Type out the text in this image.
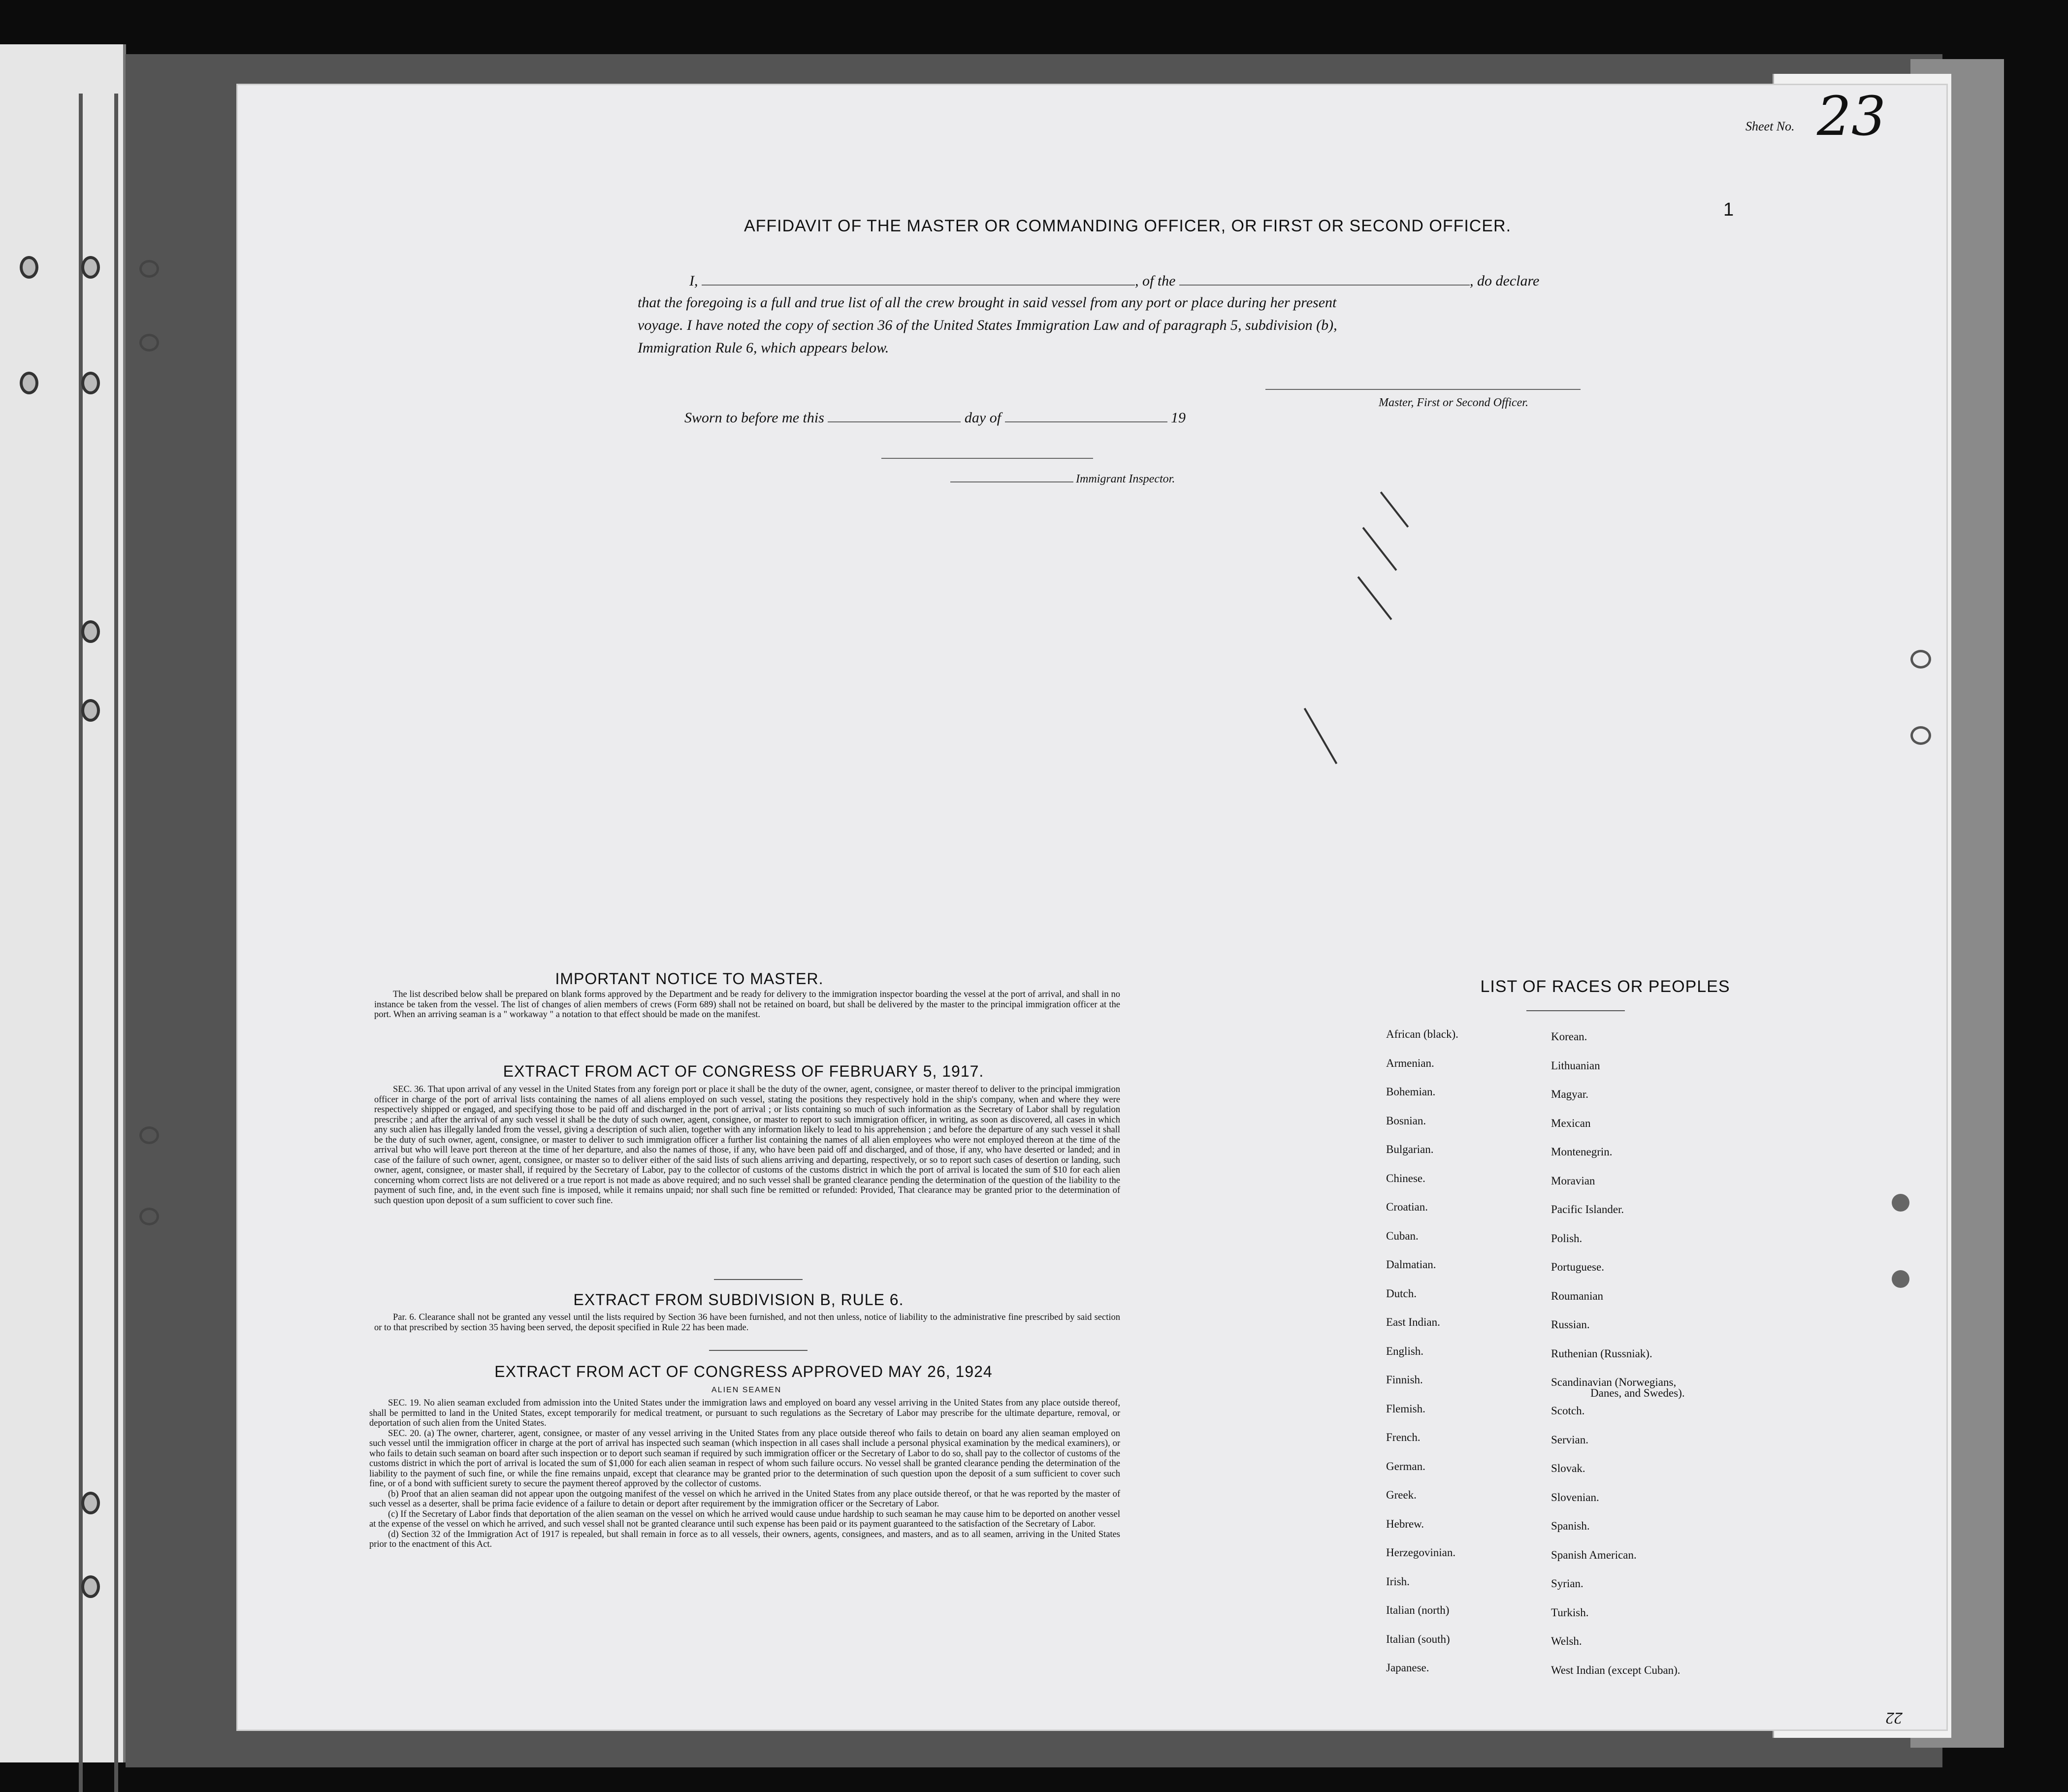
Sheet No. 23
1
AFFIDAVIT OF THE MASTER OR COMMANDING OFFICER, OR FIRST OR SECOND OFFICER.
I,	, of the	, do declare
that the foregoing is a full and true list of all the crew brought in said vessel from any port or place during her present
voyage. I have noted the copy of section 36 of the United States Immigration Law and of paragraph 5, subdivision (b),
Immigration Rule 6, which appears below.
Master, First or Second Officer.
Sworn to before me this	day of	19
Immigrant Inspector.
IMPORTANT NOTICE TO MASTER.

The list described below shall be prepared on blank forms approved by the Department and be ready for delivery to the immigration inspector boarding the vessel at the port of arrival, and shall in no instance be taken from the vessel. The list of changes of alien members of crews (Form 689) shall not be retained on board, but shall be delivered by the master to the principal immigration officer at the port. When an arriving seaman is a " workaway " a notation to that effect should be made on the manifest.

EXTRACT FROM ACT OF CONGRESS OF FEBRUARY 5, 1917.

SEC. 36. That upon arrival of any vessel in the United States from any foreign port or place it shall be the duty of the owner, agent, consignee, or master thereof to deliver to the principal immigration officer in charge of the port of arrival lists containing the names of all aliens employed on such vessel, stating the positions they respectively hold in the ship's company, when and where they were respectively shipped or engaged, and specifying those to be paid off and discharged in the port of arrival ; or lists containing so much of such information as the Secretary of Labor shall by regulation prescribe ; and after the arrival of any such vessel it shall be the duty of such owner, agent, consignee, or master to report to such immigration officer, in writing, as soon as discovered, all cases in which any such alien has illegally landed from the vessel, giving a description of such alien, together with any information likely to lead to his apprehension ; and before the departure of any such vessel it shall be the duty of such owner, agent, consignee, or master to deliver to such immigration officer a further list containing the names of all alien employees who were not employed thereon at the time of the arrival but who will leave port thereon at the time of her departure, and also the names of those, if any, who have been paid off and discharged, and of those, if any, who have deserted or landed; and in case of the failure of such owner, agent, consignee, or master so to deliver either of the said lists of such aliens arriving and departing, respectively, or so to report such cases of desertion or landing, such owner, agent, consignee, or master shall, if required by the Secretary of Labor, pay to the collector of customs of the customs district in which the port of arrival is located the sum of $10 for each alien concerning whom correct lists are not delivered or a true report is not made as above required; and no such vessel shall be granted clearance pending the determination of the question of the liability to the payment of such fine, and, in the event such fine is imposed, while it remains unpaid; nor shall such fine be remitted or refunded: Provided, That clearance may be granted prior to the determination of such question upon deposit of a sum sufficient to cover such fine.

EXTRACT FROM SUBDIVISION B, RULE 6.

Par. 6. Clearance shall not be granted any vessel until the lists required by Section 36 have been furnished, and not then unless, notice of liability to the administrative fine prescribed by said section or to that prescribed by section 35 having been served, the deposit specified in Rule 22 has been made.

EXTRACT FROM ACT OF CONGRESS APPROVED MAY 26, 1924
ALIEN SEAMEN

SEC. 19. No alien seaman excluded from admission into the United States under the immigration laws and employed on board any vessel arriving in the United States from any place outside thereof, shall be permitted to land in the United States, except temporarily for medical treatment, or pursuant to such regulations as the Secretary of Labor may prescribe for the ultimate departure, removal, or deportation of such alien from the United States.

SEC. 20. (a) The owner, charterer, agent, consignee, or master of any vessel arriving in the United States from any place outside thereof who fails to detain on board any alien seaman employed on such vessel until the immigration officer in charge at the port of arrival has inspected such seaman (which inspection in all cases shall include a personal physical examination by the medical examiners), or who fails to detain such seaman on board after such inspection or to deport such seaman if required by such immigration officer or the Secretary of Labor to do so, shall pay to the collector of customs of the customs district in which the port of arrival is located the sum of $1,000 for each alien seaman in respect of whom such failure occurs. No vessel shall be granted clearance pending the determination of the liability to the payment of such fine, or while the fine remains unpaid, except that clearance may be granted prior to the determination of such question upon the deposit of a sum sufficient to cover such fine, or of a bond with sufficient surety to secure the payment thereof approved by the collector of customs.

(b) Proof that an alien seaman did not appear upon the outgoing manifest of the vessel on which he arrived in the United States from any place outside thereof, or that he was reported by the master of such vessel as a deserter, shall be prima facie evidence of a failure to detain or deport after requirement by the immigration officer or the Secretary of Labor.

(c) If the Secretary of Labor finds that deportation of the alien seaman on the vessel on which he arrived would cause undue hardship to such seaman he may cause him to be deported on another vessel at the expense of the vessel on which he arrived, and such vessel shall not be granted clearance until such expense has been paid or its payment guaranteed to the satisfaction of the Secretary of Labor.

(d) Section 32 of the Immigration Act of 1917 is repealed, but shall remain in force as to all vessels, their owners, agents, consignees, and masters, and as to all seamen, arriving in the United States prior to the enactment of this Act.

LIST OF RACES OR PEOPLES
African (black).
Armenian.
Bohemian.
Bosnian.
Bulgarian.
Chinese.
Croatian.
Cuban.
Dalmatian.
Dutch.
East Indian.
English.
Finnish.
Flemish.
French.
German.
Greek.
Hebrew.
Herzegovinian.
Irish.
Italian (north)
Italian (south)
Japanese.
Korean.
Lithuanian
Magyar.
Mexican
Montenegrin.
Moravian
Pacific Islander.
Polish.
Portuguese.
Roumanian
Russian.
Ruthenian (Russniak).
Scandinavian (Norwegians,
Danes, and Swedes).
Scotch.
Servian.
Slovak.
Slovenian.
Spanish.
Spanish American.
Syrian.
Turkish.
Welsh.
West Indian (except Cuban).
22
